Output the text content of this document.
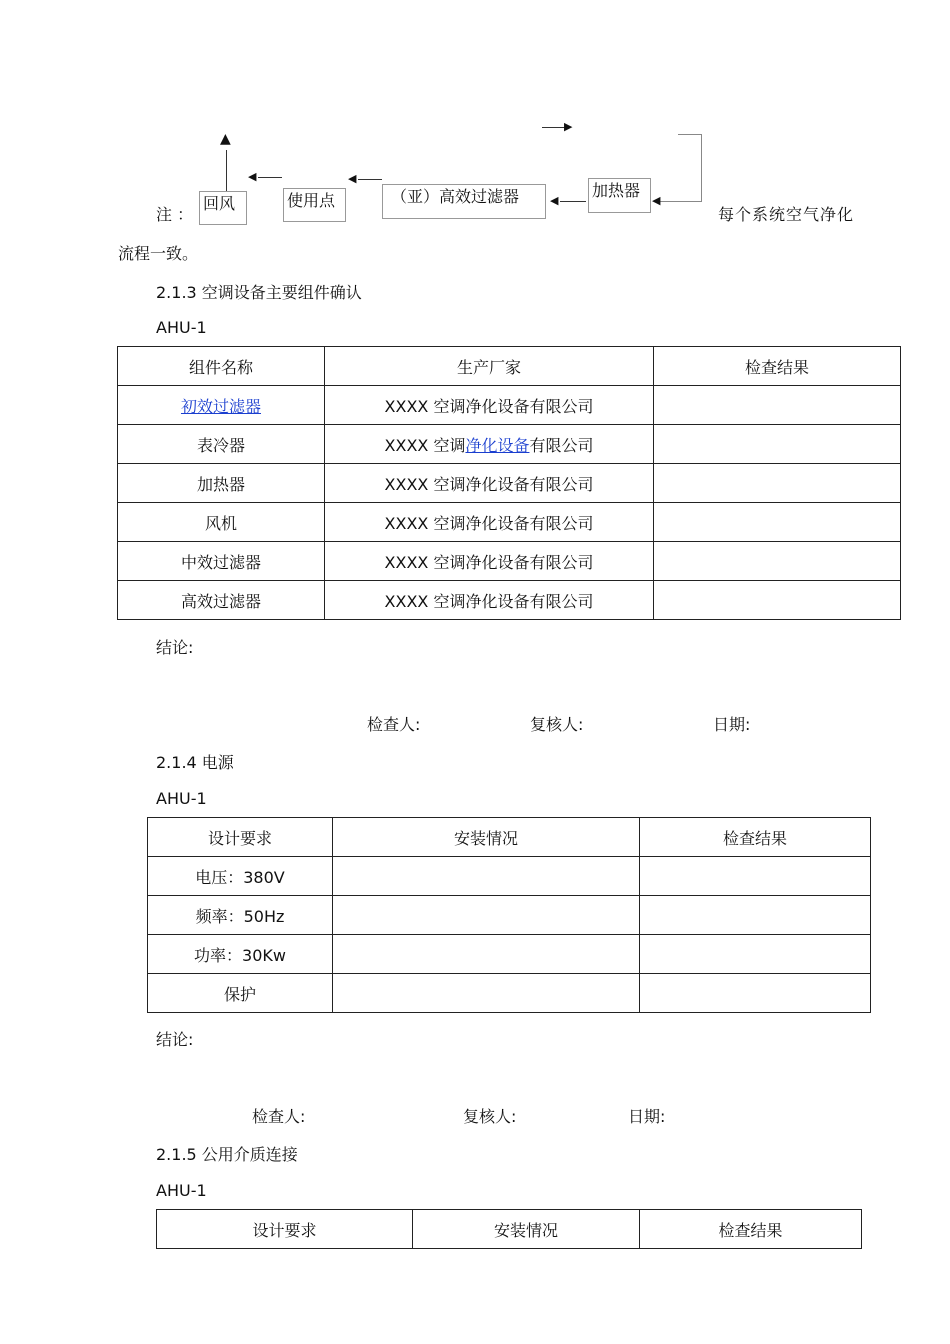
▲
▶
◀
◀
◀
◀
注 ：
回风	使用点	（亚）高效过滤器	加热器
每个系统空气净化
流程一致。
2.1.3 空调设备主要组件确认
AHU-1
组件名称	生产厂家	检查结果
初效过滤器	XXXX 空调净化设备有限公司	
表冷器	XXXX 空调净化设备有限公司	
加热器	XXXX 空调净化设备有限公司	
风机	XXXX 空调净化设备有限公司	
中效过滤器	XXXX 空调净化设备有限公司	
高效过滤器	XXXX 空调净化设备有限公司	
结论:
检查人:	复核人:	日期:
2.1.4 电源
AHU-1
设计要求	安装情况	检查结果
电压：380V		
频率：50Hz		
功率：30Kw		
保护		
结论:
检查人:	复核人:	日期:
2.1.5 公用介质连接
AHU-1
设计要求	安装情况	检查结果
